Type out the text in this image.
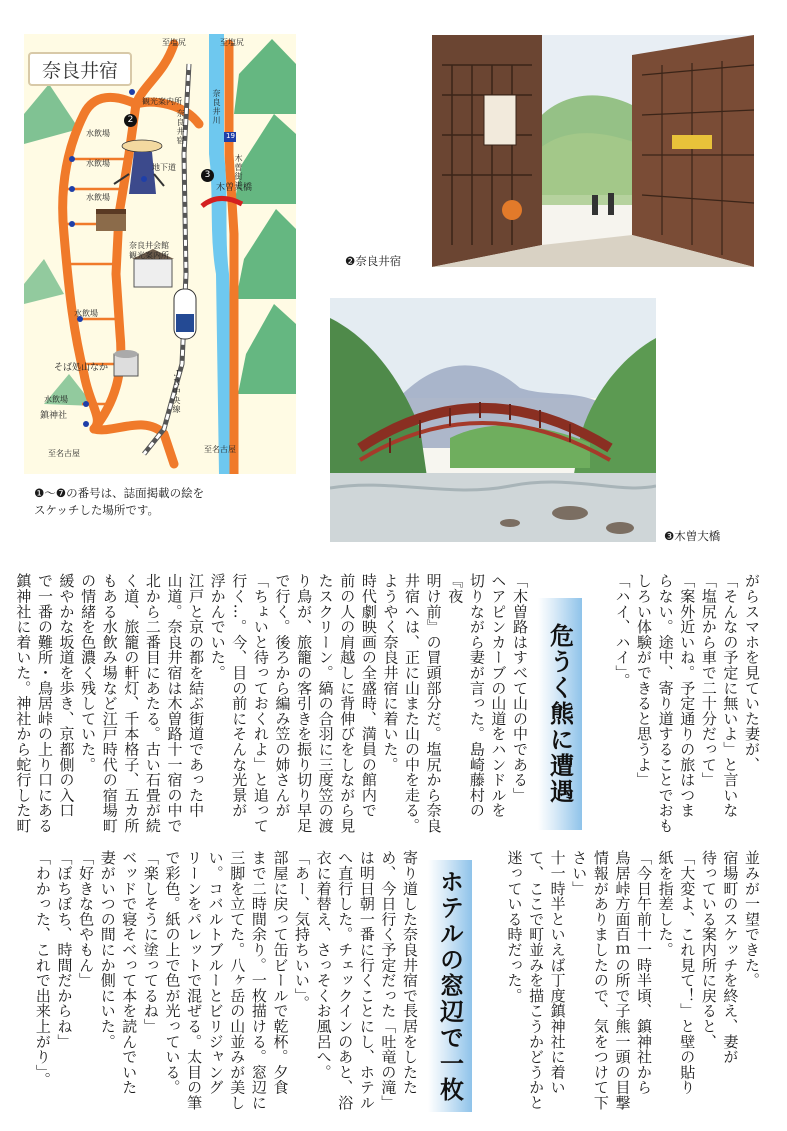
奈良井宿
至塩尻	至塩尻
観光案内所
水飲場
水飲場	地下道
水飲場
奈良井会館
観光案内所
水飲場
そば処山なか
水飲場
鎮神社
至名古屋	至名古屋
木曽大橋
19
奈良井川
奈良井宿
木曽街道
ＪＲ中央線
2
3
❶～❼の番号は、誌面掲載の絵を
スケッチした場所です。
❷奈良井宿
❸木曽大橋

がらスマホを見ていた妻が、

「そんなの予定に無いよ」と言いな

「塩尻から車で二十分だって」

「案外近いね。予定通りの旅はつま

らない。途中、寄り道することでおも

しろい体験ができると思うよ」

「ハイ、ハイ」。

危うく熊に遭遇

「木曽路はすべて山の中である」

ヘアピンカーブの山道をハンドルを

切りながら妻が言った。島崎藤村の『夜

明け前』の冒頭部分だ。塩尻から奈良

井宿へは、正に山また山の中を走る。

ようやく奈良井宿に着いた。

時代劇映画の全盛時、満員の館内で

前の人の肩越しに背伸びをしながら見

たスクリーン。縞の合羽に三度笠の渡

り鳥が、旅籠の客引きを振り切り早足

で行く。後ろから編み笠の姉さんが

「ちょいと待っておくれよ」と追って

行く…。今、目の前にそんな光景が

浮かんでいた。

江戸と京の都を結ぶ街道であった中

山道。奈良井宿は木曽路十一宿の中で

北から二番目にあたる。古い石畳が続

く道、旅籠の軒灯、千本格子、五カ所

もある水飲み場など江戸時代の宿場町

の情緒を色濃く残していた。

緩やかな坂道を歩き、京都側の入口

で一番の難所・鳥居峠の上り口にある

鎮神社に着いた。神社から蛇行した町

並みが一望できた。

宿場町のスケッチを終え、妻が

待っている案内所に戻ると、

「大変よ、これ見て！」と壁の貼り

紙を指差した。

「今日午前十一時半頃、鎮神社から

鳥居峠方面百ｍの所で子熊一頭の目撃

情報がありましたので、気をつけて下

さい」

十一時半といえば丁度鎮神社に着い

て、ここで町並みを描こうかどうかと

迷っている時だった。

ホテルの窓辺で一枚

寄り道した奈良井宿で長居をしたた

め、今日行く予定だった「吐竜の滝」

は明日朝一番に行くことにし、ホテル

へ直行した。チェックインのあと、浴

衣に着替え、さっそくお風呂へ。

「あー、気持ちいい」。

部屋に戻って缶ビールで乾杯。夕食

まで二時間余り。一枚描ける。窓辺に

三脚を立てた。八ヶ岳の山並みが美し

い。コバルトブルーとビリジャング

リーンをパレットで混ぜる。太目の筆

で彩色。紙の上で色が光っている。

「楽しそうに塗ってるね」

ベッドで寝そべって本を読んでいた

妻がいつの間にか側にいた。

「好きな色やもん」

「ぼちぼち、時間だからね」

「わかった、これで出来上がり」。
